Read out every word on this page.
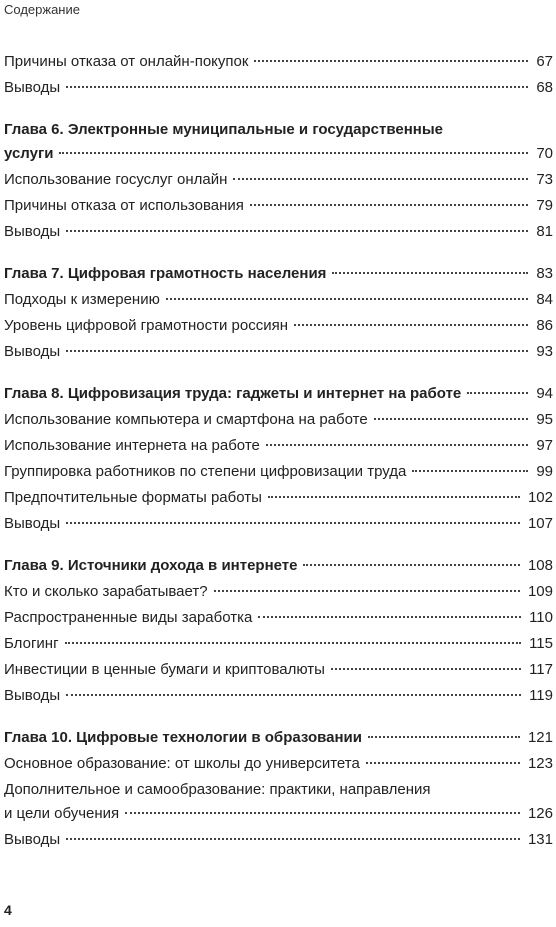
Содержание
Причины отказа от онлайн-покупок	67
Выводы	68
Глава 6. Электронные муниципальные и государственные
услуги	70
Использование госуслуг онлайн	73
Причины отказа от использования	79
Выводы	81
Глава 7. Цифровая грамотность населения	83
Подходы к измерению	84
Уровень цифровой грамотности россиян	86
Выводы	93
Глава 8. Цифровизация труда: гаджеты и интернет на работе	94
Использование компьютера и смартфона на работе	95
Использование интернета на работе	97
Группировка работников по степени цифровизации труда	99
Предпочтительные форматы работы	102
Выводы	107
Глава 9. Источники дохода в интернете	108
Кто и сколько зарабатывает?	109
Распространенные виды заработка	110
Блогинг	115
Инвестиции в ценные бумаги и криптовалюты	117
Выводы	119
Глава 10. Цифровые технологии в образовании	121
Основное образование: от школы до университета	123
Дополнительное и самообразование: практики, направления
и цели обучения	126
Выводы	131
4
